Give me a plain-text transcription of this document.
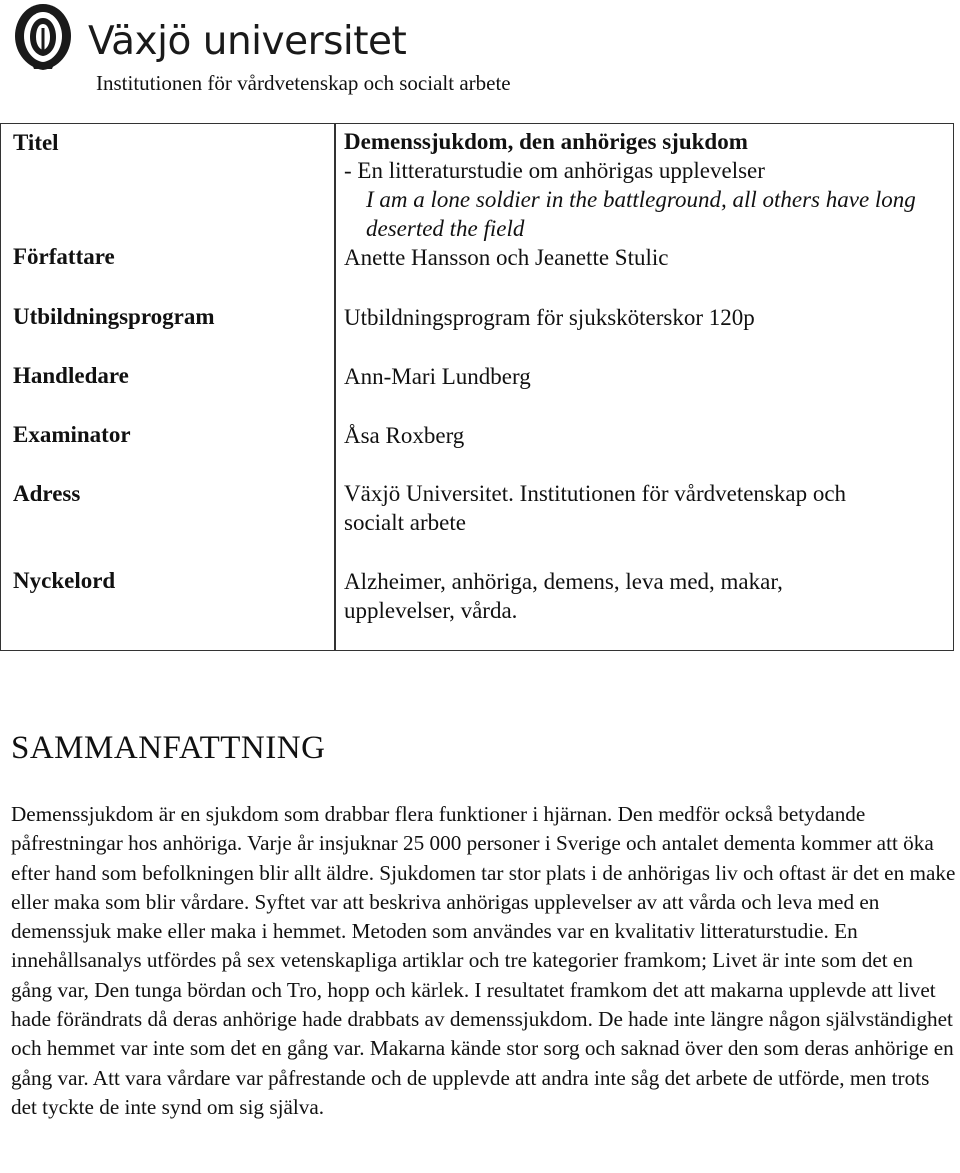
Växjö universitet
Institutionen för vårdvetenskap och socialt arbete
Titel	Demenssjukdom, den anhöriges sjukdom
- En litteraturstudie om anhörigas upplevelser
I am a lone soldier in the battleground, all others have long deserted the field
Författare	Anette Hansson och Jeanette Stulic
Utbildningsprogram	Utbildningsprogram för sjuksköterskor 120p
Handledare	Ann-Mari Lundberg
Examinator	Åsa Roxberg
Adress	Växjö Universitet. Institutionen för vårdvetenskap och socialt arbete
Nyckelord	Alzheimer, anhöriga, demens, leva med, makar, upplevelser, vårda.
SAMMANFATTNING
Demenssjukdom är en sjukdom som drabbar flera funktioner i hjärnan. Den medför också betydande påfrestningar hos anhöriga. Varje år insjuknar 25 000 personer i Sverige och antalet dementa kommer att öka efter hand som befolkningen blir allt äldre. Sjukdomen tar stor plats i de anhörigas liv och oftast är det en make eller maka som blir vårdare. Syftet var att beskriva anhörigas upplevelser av att vårda och leva med en demenssjuk make eller maka i hemmet. Metoden som användes var en kvalitativ litteraturstudie. En innehållsanalys utfördes på sex vetenskapliga artiklar och tre kategorier framkom; Livet är inte som det en gång var, Den tunga bördan och Tro, hopp och kärlek. I resultatet framkom det att makarna upplevde att livet hade förändrats då deras anhörige hade drabbats av demenssjukdom. De hade inte längre någon självständighet och hemmet var inte som det en gång var. Makarna kände stor sorg och saknad över den som deras anhörige en gång var. Att vara vårdare var påfrestande och de upplevde att andra inte såg det arbete de utförde, men trots det tyckte de inte synd om sig själva.
